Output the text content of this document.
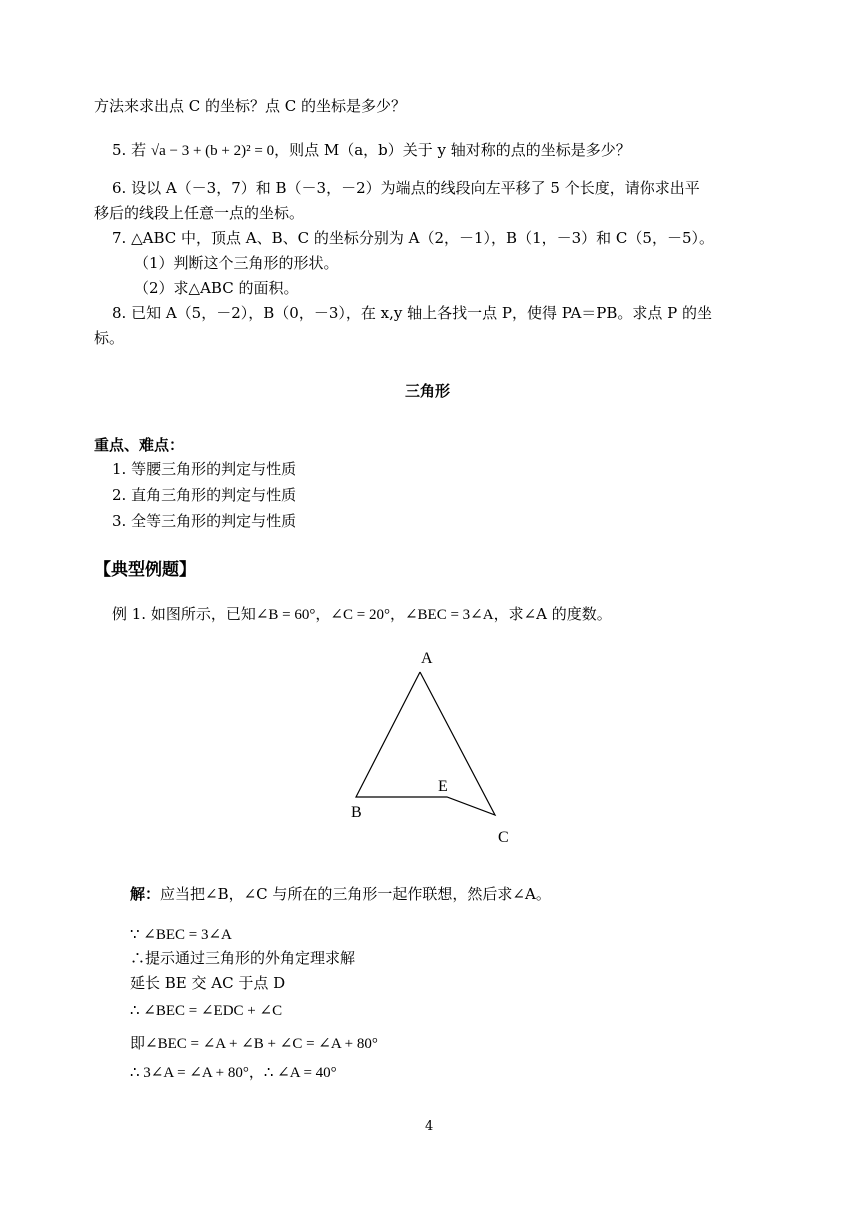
方法来求出点 C 的坐标？点 C 的坐标是多少？
5. 若 √a − 3 + (b + 2)² = 0，则点 M（a，b）关于 y 轴对称的点的坐标是多少？
6. 设以 A（－3，7）和 B（－3，－2）为端点的线段向左平移了 5 个长度，请你求出平
移后的线段上任意一点的坐标。
7. △ABC 中，顶点 A、B、C 的坐标分别为 A（2，－1），B（1，－3）和 C（5，－5）。
（1）判断这个三角形的形状。
（2）求△ABC 的面积。
8. 已知 A（5，－2），B（0，－3），在 x,y 轴上各找一点 P，使得 PA＝PB。求点 P 的坐
标。
三角形
重点、难点：
1. 等腰三角形的判定与性质
2. 直角三角形的判定与性质
3. 全等三角形的判定与性质
【典型例题】
例 1. 如图所示，已知∠B = 60°，∠C = 20°，∠BEC = 3∠A，求∠A 的度数。
A
B
C
E
解：应当把∠B，∠C 与所在的三角形一起作联想，然后求∠A。
∵ ∠BEC = 3∠A
∴提示通过三角形的外角定理求解
延长 BE 交 AC 于点 D
∴ ∠BEC = ∠EDC + ∠C
即∠BEC = ∠A + ∠B + ∠C = ∠A + 80°
∴ 3∠A = ∠A + 80°，∴ ∠A = 40°
4
